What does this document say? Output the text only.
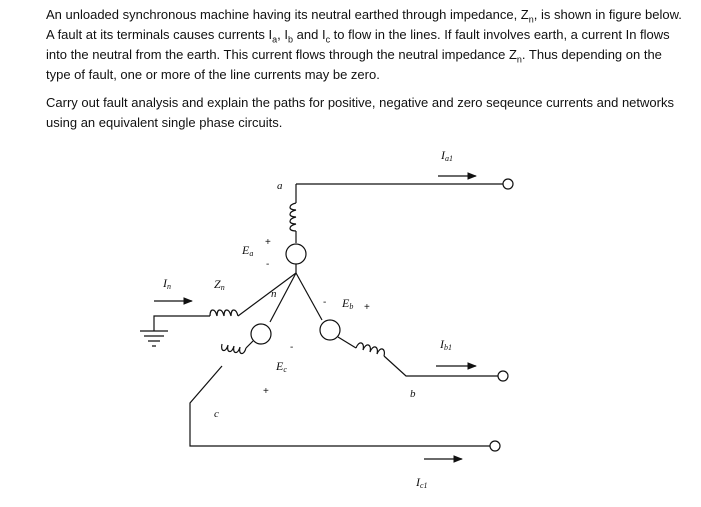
An unloaded synchronous machine having its neutral earthed through impedance, $Z_n$, is shown in figure below. A fault at its terminals causes currents $I_a$, $I_b$ and $I_c$ to flow in the lines. If fault involves earth, a current In flows into the neutral from the earth. This current flows through the neutral impedance $Z_n$. Thus depending on the type of fault, one or more of the line currents may be zero.

Carry out fault analysis and explain the paths for positive, negative and zero seqeunce currents and networks using an equivalent single phase circuits.

Ia1
Ib1
Ic1
In	Zn
Ea
Eb
Ec
a
b
c
n
+
-
-	+
-
+
